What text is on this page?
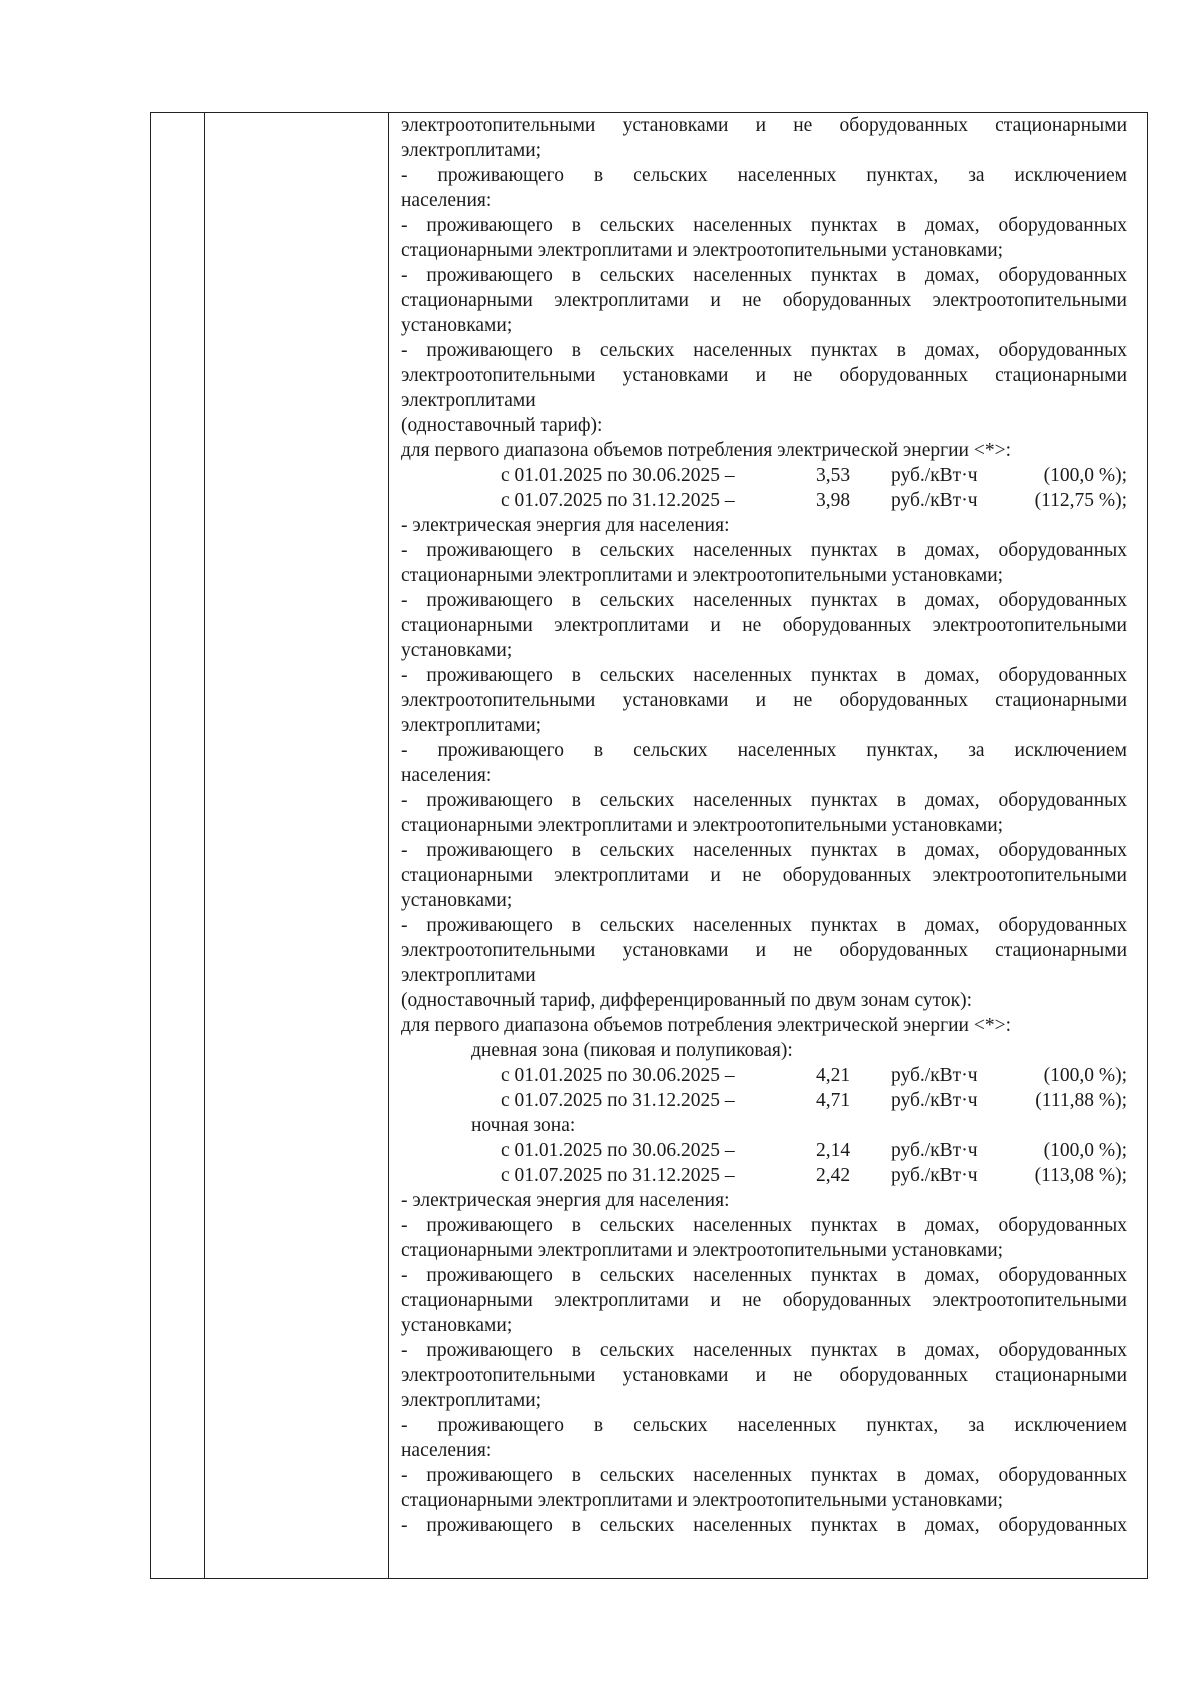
электроотопительными установками и не оборудованных стационарными
электроплитами;
- проживающего в сельских населенных пунктах, за исключением
населения:
- проживающего в сельских населенных пунктах в домах, оборудованных
стационарными электроплитами и электроотопительными установками;
- проживающего в сельских населенных пунктах в домах, оборудованных
стационарными электроплитами и не оборудованных электроотопительными
установками;
- проживающего в сельских населенных пунктах в домах, оборудованных
электроотопительными установками и не оборудованных стационарными
электроплитами
(одноставочный тариф):
для первого диапазона объемов потребления электрической энергии <*>:
с 01.01.2025 по 30.06.2025 –	3,53 руб./кВт·ч	(100,0 %);
с 01.07.2025 по 31.12.2025 –	3,98 руб./кВт·ч	(112,75 %);
- электрическая энергия для населения:
- проживающего в сельских населенных пунктах в домах, оборудованных
стационарными электроплитами и электроотопительными установками;
- проживающего в сельских населенных пунктах в домах, оборудованных
стационарными электроплитами и не оборудованных электроотопительными
установками;
- проживающего в сельских населенных пунктах в домах, оборудованных
электроотопительными установками и не оборудованных стационарными
электроплитами;
- проживающего в сельских населенных пунктах, за исключением
населения:
- проживающего в сельских населенных пунктах в домах, оборудованных
стационарными электроплитами и электроотопительными установками;
- проживающего в сельских населенных пунктах в домах, оборудованных
стационарными электроплитами и не оборудованных электроотопительными
установками;
- проживающего в сельских населенных пунктах в домах, оборудованных
электроотопительными установками и не оборудованных стационарными
электроплитами
(одноставочный тариф, дифференцированный по двум зонам суток):
для первого диапазона объемов потребления электрической энергии <*>:
дневная зона (пиковая и полупиковая):
с 01.01.2025 по 30.06.2025 –	4,21 руб./кВт·ч	(100,0 %);
с 01.07.2025 по 31.12.2025 –	4,71 руб./кВт·ч	(111,88 %);
ночная зона:
с 01.01.2025 по 30.06.2025 –	2,14 руб./кВт·ч	(100,0 %);
с 01.07.2025 по 31.12.2025 –	2,42 руб./кВт·ч	(113,08 %);
- электрическая энергия для населения:
- проживающего в сельских населенных пунктах в домах, оборудованных
стационарными электроплитами и электроотопительными установками;
- проживающего в сельских населенных пунктах в домах, оборудованных
стационарными электроплитами и не оборудованных электроотопительными
установками;
- проживающего в сельских населенных пунктах в домах, оборудованных
электроотопительными установками и не оборудованных стационарными
электроплитами;
- проживающего в сельских населенных пунктах, за исключением
населения:
- проживающего в сельских населенных пунктах в домах, оборудованных
стационарными электроплитами и электроотопительными установками;
- проживающего в сельских населенных пунктах в домах, оборудованных
